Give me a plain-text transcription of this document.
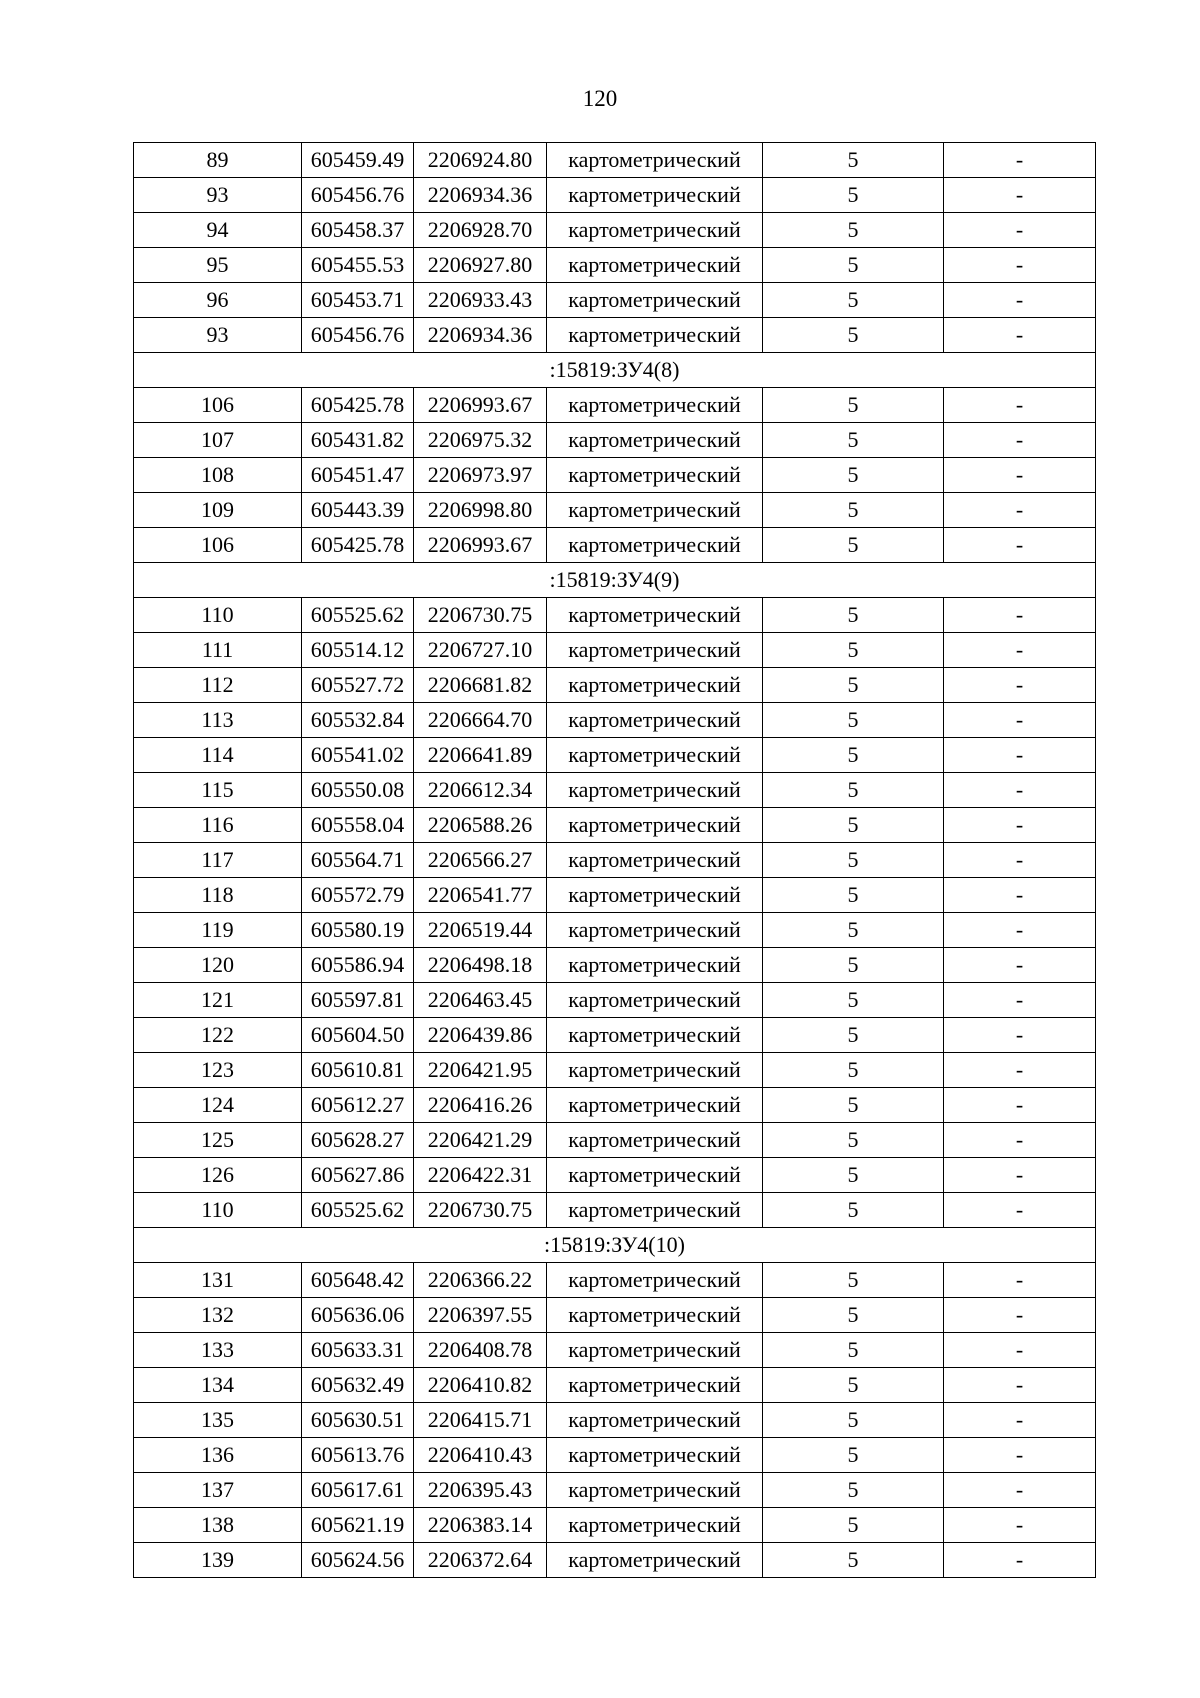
120
89	605459.49	2206924.80	картометрический	5	-
93	605456.76	2206934.36	картометрический	5	-
94	605458.37	2206928.70	картометрический	5	-
95	605455.53	2206927.80	картометрический	5	-
96	605453.71	2206933.43	картометрический	5	-
93	605456.76	2206934.36	картометрический	5	-
:15819:ЗУ4(8)					
106	605425.78	2206993.67	картометрический	5	-
107	605431.82	2206975.32	картометрический	5	-
108	605451.47	2206973.97	картометрический	5	-
109	605443.39	2206998.80	картометрический	5	-
106	605425.78	2206993.67	картометрический	5	-
:15819:ЗУ4(9)					
110	605525.62	2206730.75	картометрический	5	-
111	605514.12	2206727.10	картометрический	5	-
112	605527.72	2206681.82	картометрический	5	-
113	605532.84	2206664.70	картометрический	5	-
114	605541.02	2206641.89	картометрический	5	-
115	605550.08	2206612.34	картометрический	5	-
116	605558.04	2206588.26	картометрический	5	-
117	605564.71	2206566.27	картометрический	5	-
118	605572.79	2206541.77	картометрический	5	-
119	605580.19	2206519.44	картометрический	5	-
120	605586.94	2206498.18	картометрический	5	-
121	605597.81	2206463.45	картометрический	5	-
122	605604.50	2206439.86	картометрический	5	-
123	605610.81	2206421.95	картометрический	5	-
124	605612.27	2206416.26	картометрический	5	-
125	605628.27	2206421.29	картометрический	5	-
126	605627.86	2206422.31	картометрический	5	-
110	605525.62	2206730.75	картометрический	5	-
:15819:ЗУ4(10)					
131	605648.42	2206366.22	картометрический	5	-
132	605636.06	2206397.55	картометрический	5	-
133	605633.31	2206408.78	картометрический	5	-
134	605632.49	2206410.82	картометрический	5	-
135	605630.51	2206415.71	картометрический	5	-
136	605613.76	2206410.43	картометрический	5	-
137	605617.61	2206395.43	картометрический	5	-
138	605621.19	2206383.14	картометрический	5	-
139	605624.56	2206372.64	картометрический	5	-
